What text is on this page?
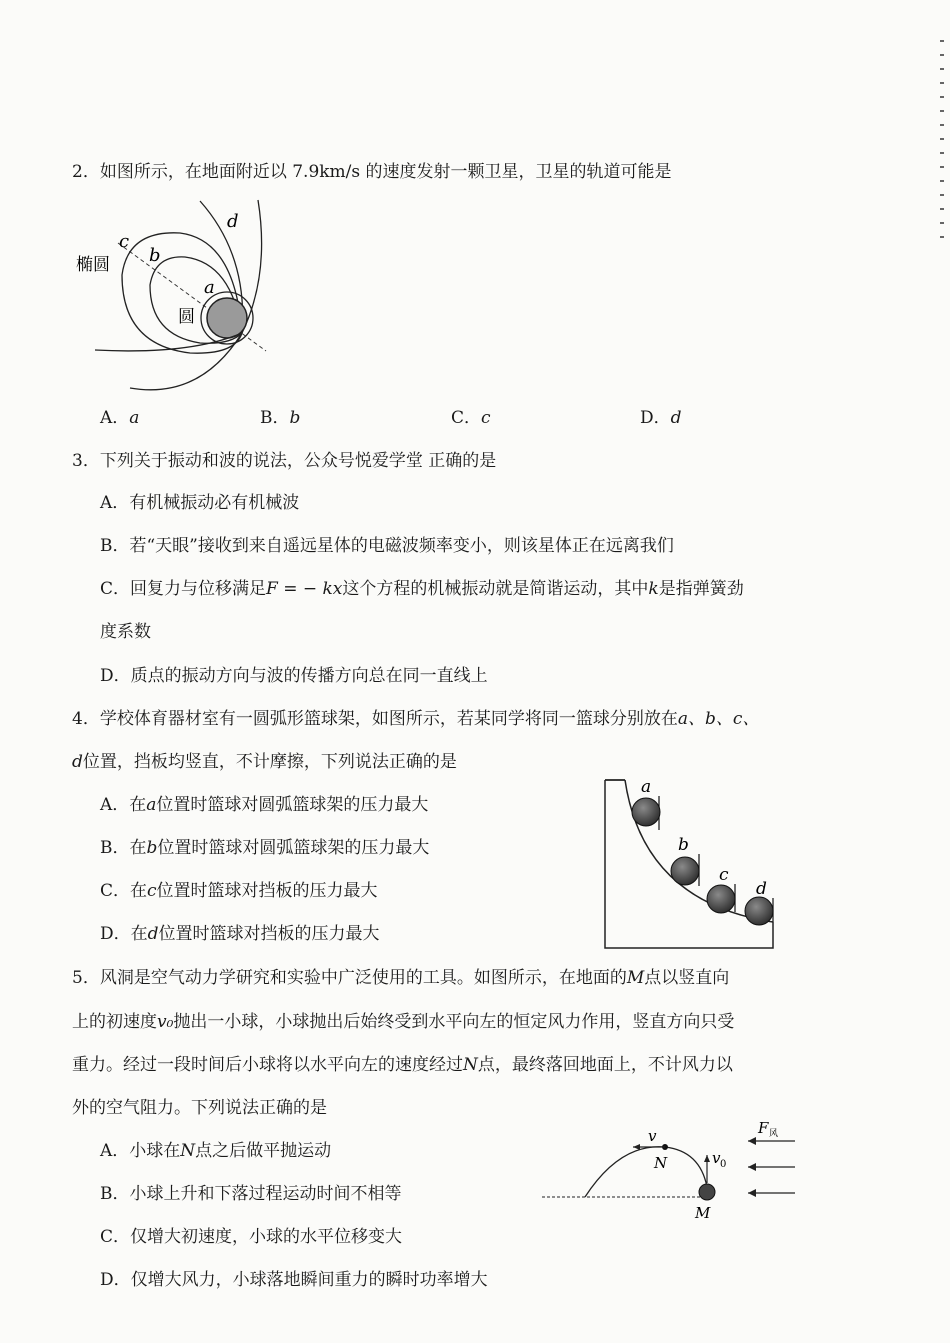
2．如图所示，在地面附近以 7.9km/s 的速度发射一颗卫星，卫星的轨道可能是
d
c
b
a
椭圆
圆
A．a	B．b	C．c	D．d
3．下列关于振动和波的说法，公众号悦爱学堂 正确的是
A．有机械振动必有机械波
B．若“天眼”接收到来自遥远星体的电磁波频率变小，则该星体正在远离我们
C．回复力与位移满足F = − kx这个方程的机械振动就是简谐运动，其中k是指弹簧劲
度系数
D．质点的振动方向与波的传播方向总在同一直线上
4．学校体育器材室有一圆弧形篮球架，如图所示，若某同学将同一篮球分别放在a、b、c、
d位置，挡板均竖直，不计摩擦，下列说法正确的是
A．在a位置时篮球对圆弧篮球架的压力最大
B．在b位置时篮球对圆弧篮球架的压力最大
C．在c位置时篮球对挡板的压力最大
D．在d位置时篮球对挡板的压力最大
a
b
c
d
5．风洞是空气动力学研究和实验中广泛使用的工具。如图所示，在地面的M点以竖直向
上的初速度v₀抛出一小球，小球抛出后始终受到水平向左的恒定风力作用，竖直方向只受
重力。经过一段时间后小球将以水平向左的速度经过N点，最终落回地面上，不计风力以
外的空气阻力。下列说法正确的是
A．小球在N点之后做平抛运动
B．小球上升和下落过程运动时间不相等
C．仅增大初速度，小球的水平位移变大
D．仅增大风力，小球落地瞬间重力的瞬时功率增大
v
N	v 0
M
F 风
